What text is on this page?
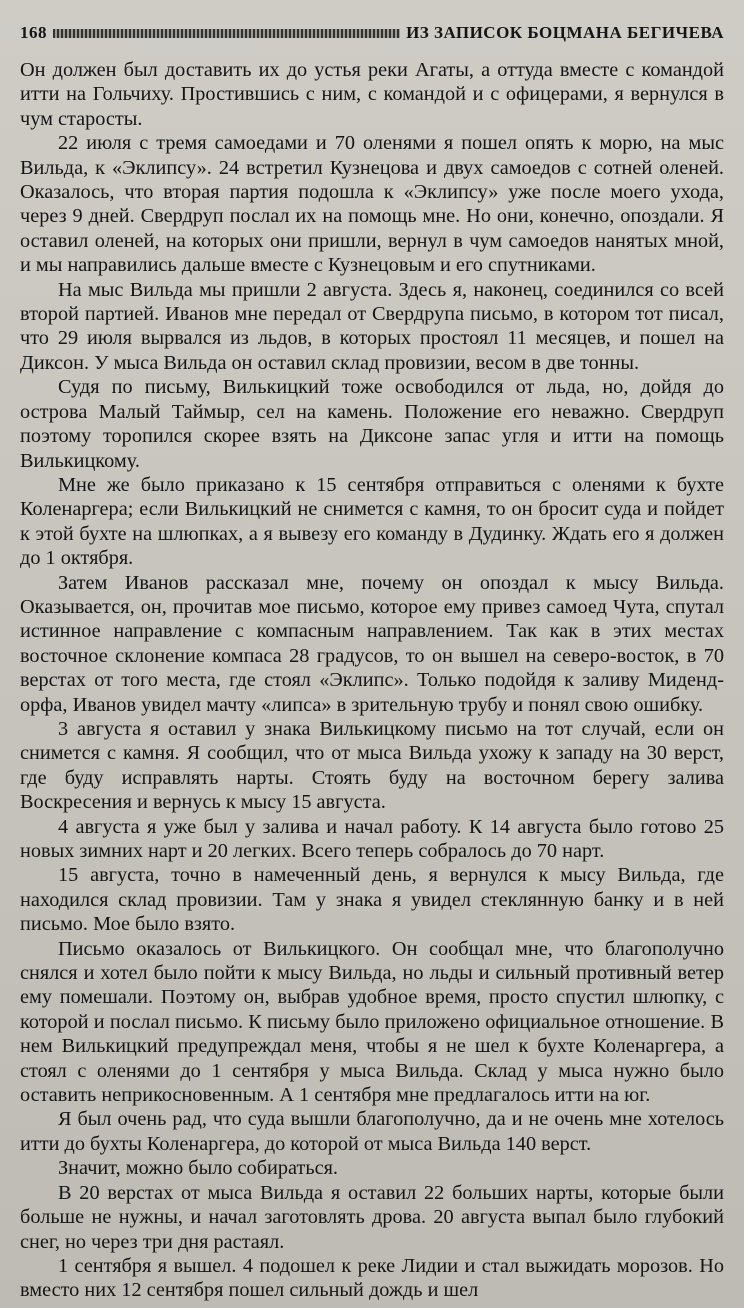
168	ИЗ ЗАПИСОК БОЦМАНА БЕГИЧЕВА

Он должен был доставить их до устья реки Агаты, а оттуда вместе с командой итти на Гольчиху. Простившись с ним, с командой и с офицерами, я вернулся в чум старосты.

22 июля с тремя самоедами и 70 оленями я пошел опять к морю, на мыс Вильда, к «Эклипсу». 24 встретил Кузнецова и двух самоедов с сотней оленей. Оказалось, что вторая партия подошла к «Эклипсу» уже после моего ухода, через 9 дней. Свердруп послал их на помощь мне. Но они, конечно, опоздали. Я оставил оленей, на которых они пришли, вернул в чум самоедов нанятых мной, и мы направились дальше вместе с Кузнецовым и его спутниками.

На мыс Вильда мы пришли 2 августа. Здесь я, наконец, соединился со всей второй партией. Иванов мне передал от Свердрупа письмо, в котором тот писал, что 29 июля вырвался из льдов, в которых простоял 11 месяцев, и пошел на Диксон. У мыса Вильда он оставил склад провизии, весом в две тонны.

Судя по письму, Вилькицкий тоже освободился от льда, но, дойдя до острова Малый Таймыр, сел на камень. Положение его неважно. Свердруп поэтому торопился скорее взять на Диксоне запас угля и итти на помощь Вилькицкому.

Мне же было приказано к 15 сентября отправиться с оленями к бухте Коленаргера; если Вилькицкий не снимется с камня, то он бросит суда и пойдет к этой бухте на шлюпках, а я вывезу его команду в Дудинку. Ждать его я должен до 1 октября.

Затем Иванов рассказал мне, почему он опоздал к мысу Вильда. Оказывается, он, прочитав мое письмо, которое ему привез самоед Чута, спутал истинное направление с компасным направлением. Так как в этих местах восточное склонение компаса 28 градусов, то он вышел на северо-восток, в 70 верстах от того места, где стоял «Эклипс». Только подойдя к заливу Мидендорфа, Иванов увидел мачту «липса» в зрительную трубу и понял свою ошибку.

3 августа я оставил у знака Вилькицкому письмо на тот случай, если он снимется с камня. Я сообщил, что от мыса Вильда ухожу к западу на 30 верст, где буду исправлять нарты. Стоять буду на восточном берегу залива Воскресения и вернусь к мысу 15 августа.

4 августа я уже был у залива и начал работу. К 14 августа было готово 25 новых зимних нарт и 20 легких. Всего теперь собралось до 70 нарт.

15 августа, точно в намеченный день, я вернулся к мысу Вильда, где находился склад провизии. Там у знака я увидел стеклянную банку и в ней письмо. Мое было взято.

Письмо оказалось от Вилькицкого. Он сообщал мне, что благополучно снялся и хотел было пойти к мысу Вильда, но льды и сильный противный ветер ему помешали. Поэтому он, выбрав удобное время, просто спустил шлюпку, с которой и послал письмо. К письму было приложено официальное отношение. В нем Вилькицкий предупреждал меня, чтобы я не шел к бухте Коленаргера, а стоял с оленями до 1 сентября у мыса Вильда. Склад у мыса нужно было оставить неприкосновенным. А 1 сентября мне предлагалось итти на юг.

Я был очень рад, что суда вышли благополучно, да и не очень мне хотелось итти до бухты Коленаргера, до которой от мыса Вильда 140 верст.

Значит, можно было собираться.

В 20 верстах от мыса Вильда я оставил 22 больших нарты, которые были больше не нужны, и начал заготовлять дрова. 20 августа выпал было глубокий снег, но через три дня растаял.

1 сентября я вышел. 4 подошел к реке Лидии и стал выжидать морозов. Но вместо них 12 сентября пошел сильный дождь и шел
